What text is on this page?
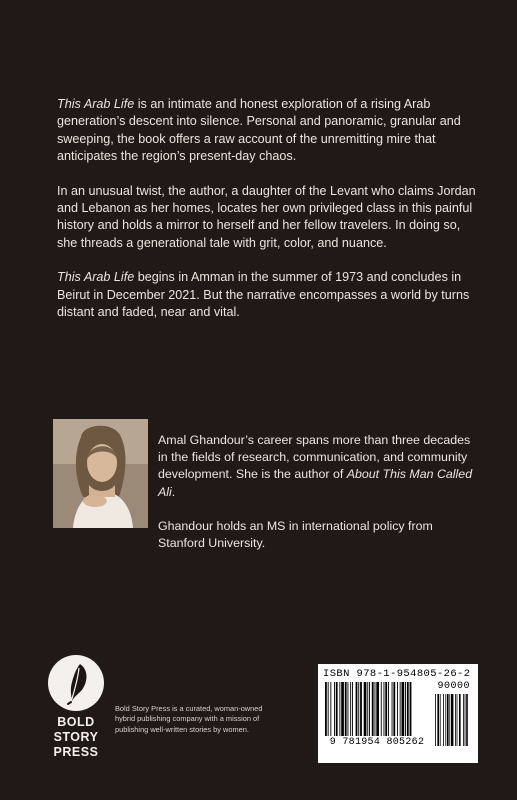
This Arab Life is an intimate and honest exploration of a rising Arab generation’s descent into silence. Personal and panoramic, granular and sweeping, the book offers a raw account of the unremitting mire that anticipates the region’s present-day chaos.

In an unusual twist, the author, a daughter of the Levant who claims Jordan and Lebanon as her homes, locates her own privileged class in this painful history and holds a mirror to herself and her fellow travelers. In doing so, she threads a generational tale with grit, color, and nuance.

This Arab Life begins in Amman in the summer of 1973 and concludes in Beirut in December 2021. But the narrative encompasses a world by turns distant and faded, near and vital.

Amal Ghandour’s career spans more than three decades in the fields of research, communication, and community development. She is the author of About This Man Called Ali.

Ghandour holds an MS in international policy from Stanford University.

BOLD
STORY
PRESS
Bold Story Press is a curated, woman-owned hybrid publishing company with a mission of publishing well-written stories by women.
ISBN 978-1-954805-26-2
90000
9 781954 805262
